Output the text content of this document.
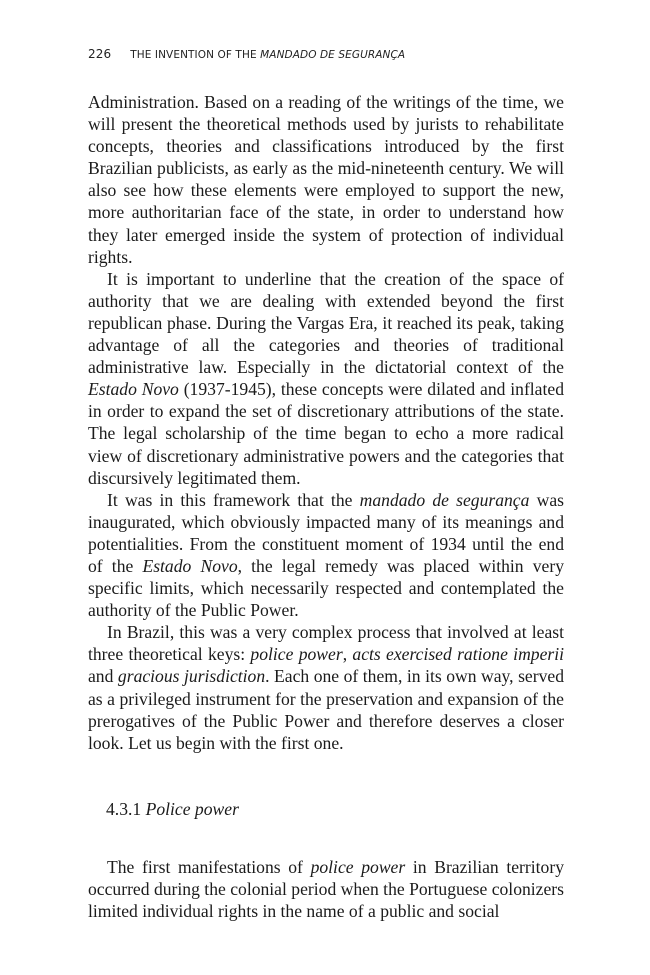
226 THE INVENTION OF THE MANDADO DE SEGURANÇA

Administration. Based on a reading of the writings of the time, we will present the theoretical methods used by jurists to rehabilitate concepts, theories and classifications introduced by the first Brazilian publicists, as early as the mid-nineteenth century. We will also see how these elements were employed to support the new, more authoritarian face of the state, in order to understand how they later emerged inside the system of protection of individual rights.

It is important to underline that the creation of the space of authority that we are dealing with extended beyond the first republican phase. During the Vargas Era, it reached its peak, taking advantage of all the categories and theories of traditional administrative law. Especially in the dictatorial context of the Estado Novo (1937-1945), these concepts were dilated and inflated in order to expand the set of discretionary attributions of the state. The legal scholarship of the time began to echo a more radical view of discretionary administrative powers and the categories that discursively legitimated them.

It was in this framework that the mandado de segurança was inaugurated, which obviously impacted many of its meanings and potentialities. From the constituent moment of 1934 until the end of the Estado Novo, the legal remedy was placed within very specific limits, which necessarily respected and contemplated the authority of the Public Power.

In Brazil, this was a very complex process that involved at least three theoretical keys: police power, acts exercised ratione imperii and gracious jurisdiction. Each one of them, in its own way, served as a privileged instrument for the preservation and expansion of the prerogatives of the Public Power and therefore deserves a closer look. Let us begin with the first one.

4.3.1 Police power

The first manifestations of police power in Brazilian territory occurred during the colonial period when the Portuguese colonizers limited individual rights in the name of a public and social
